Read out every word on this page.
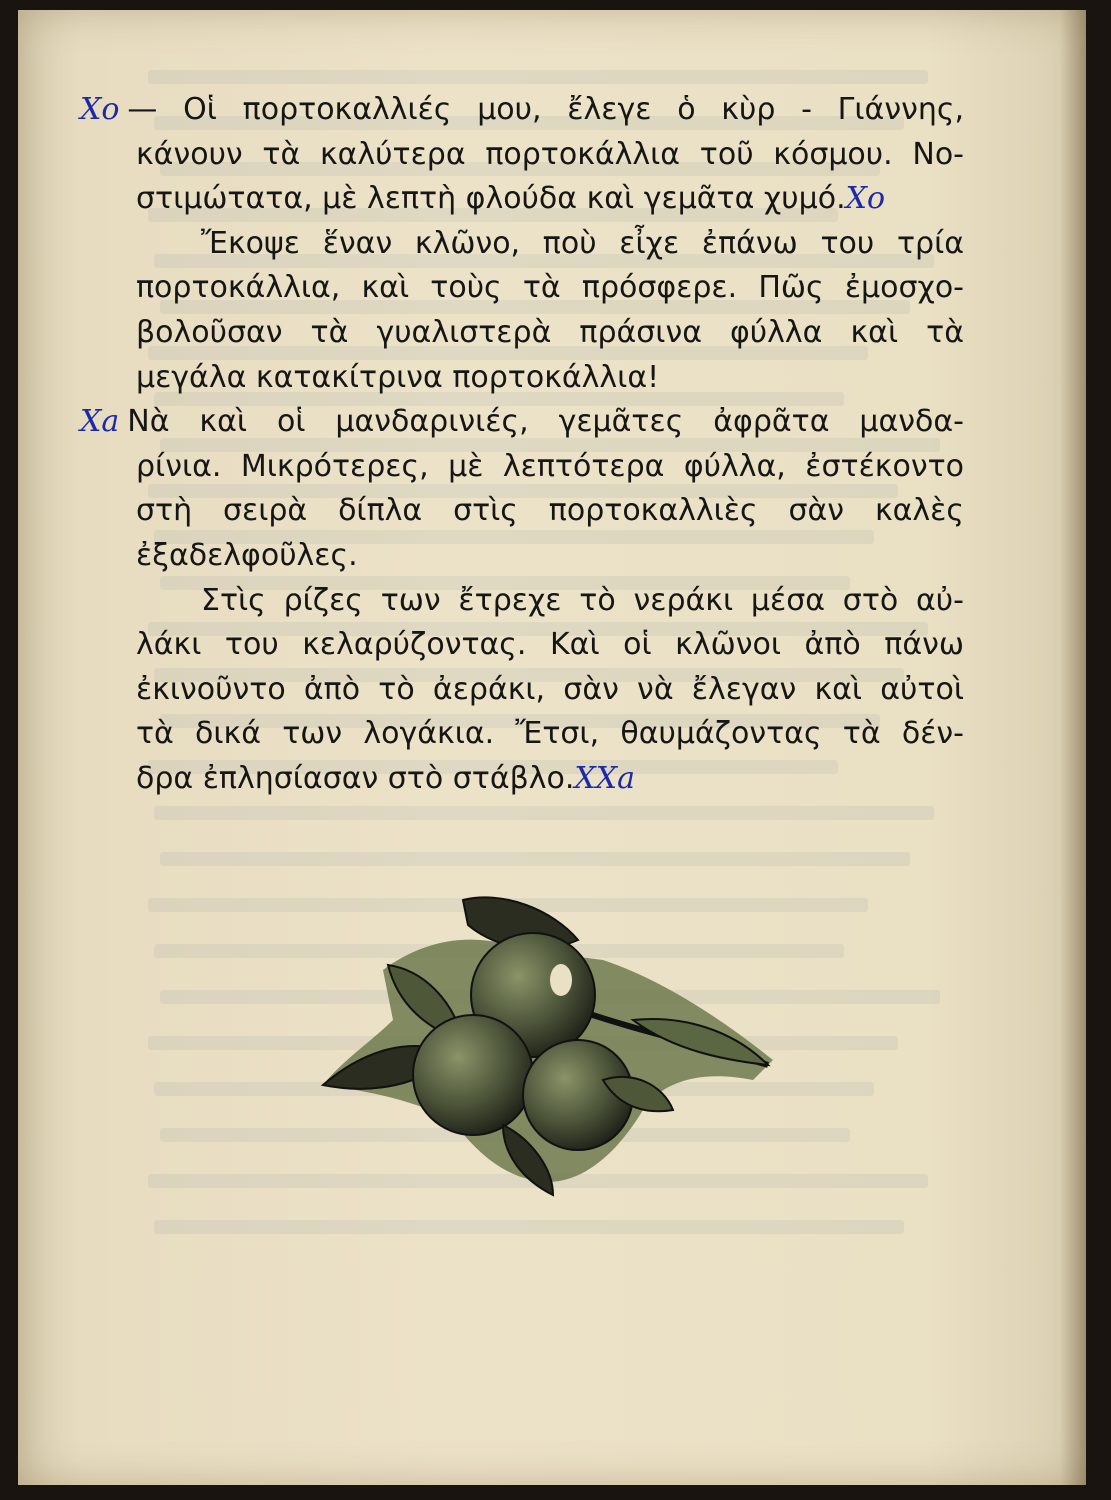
Xo — Οἱ πορτοκαλλιές μου, ἔλεγε ὁ κὺρ - Γιάννης,
κάνουν τὰ καλύτερα πορτοκάλλια τοῦ κόσμου. Νο-
στιμώτατα, μὲ λεπτὴ φλούδα καὶ γεμᾶτα χυμό.Xo
Ἔκοψε ἕναν κλῶνο, ποὺ εἶχε ἐπάνω του τρία
πορτοκάλλια, καὶ τοὺς τὰ πρόσφερε. Πῶς ἐμοσχο-
βολοῦσαν τὰ γυαλιστερὰ πράσινα φύλλα καὶ τὰ
μεγάλα κατακίτρινα πορτοκάλλια!
Xa Νὰ καὶ οἱ μανδαρινιές, γεμᾶτες ἀφρᾶτα μανδα-
ρίνια. Μικρότερες, μὲ λεπτότερα φύλλα, ἐστέκοντο
στὴ σειρὰ δίπλα στὶς πορτοκαλλιὲς σὰν καλὲς
ἐξαδελφοῦλες.
Στὶς ρίζες των ἔτρεχε τὸ νεράκι μέσα στὸ αὐ-
λάκι του κελαρύζοντας. Καὶ οἱ κλῶνοι ἀπὸ πάνω
ἐκινοῦντο ἀπὸ τὸ ἀεράκι, σὰν νὰ ἔλεγαν καὶ αὐτοὶ
τὰ δικά των λογάκια. Ἔτσι, θαυμάζοντας τὰ δέν-
δρα ἐπλησίασαν στὸ στάβλο.XXa
